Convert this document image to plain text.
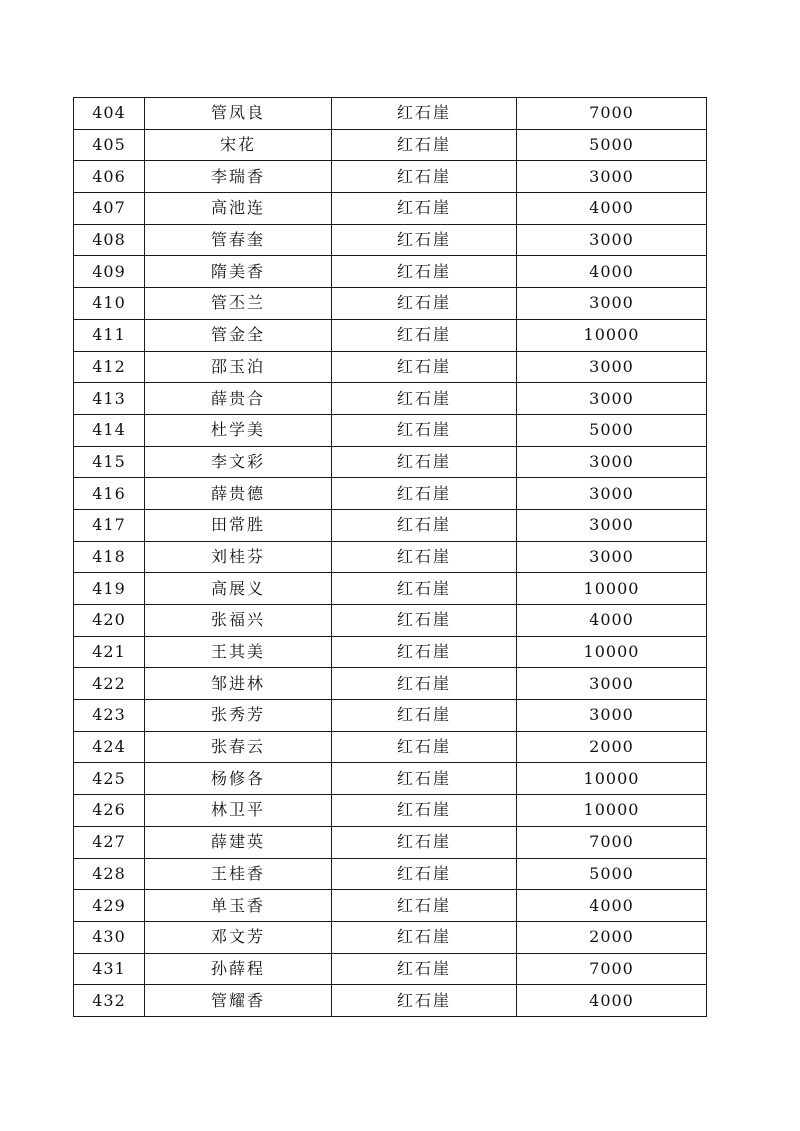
404	管凤良	红石崖	7000
405	宋花	红石崖	5000
406	李瑞香	红石崖	3000
407	高池连	红石崖	4000
408	管春奎	红石崖	3000
409	隋美香	红石崖	4000
410	管丕兰	红石崖	3000
411	管金全	红石崖	10000
412	邵玉泊	红石崖	3000
413	薛贵合	红石崖	3000
414	杜学美	红石崖	5000
415	李文彩	红石崖	3000
416	薛贵德	红石崖	3000
417	田常胜	红石崖	3000
418	刘桂芬	红石崖	3000
419	高展义	红石崖	10000
420	张福兴	红石崖	4000
421	王其美	红石崖	10000
422	邹进林	红石崖	3000
423	张秀芳	红石崖	3000
424	张春云	红石崖	2000
425	杨修各	红石崖	10000
426	林卫平	红石崖	10000
427	薛建英	红石崖	7000
428	王桂香	红石崖	5000
429	单玉香	红石崖	4000
430	邓文芳	红石崖	2000
431	孙薛程	红石崖	7000
432	管耀香	红石崖	4000
